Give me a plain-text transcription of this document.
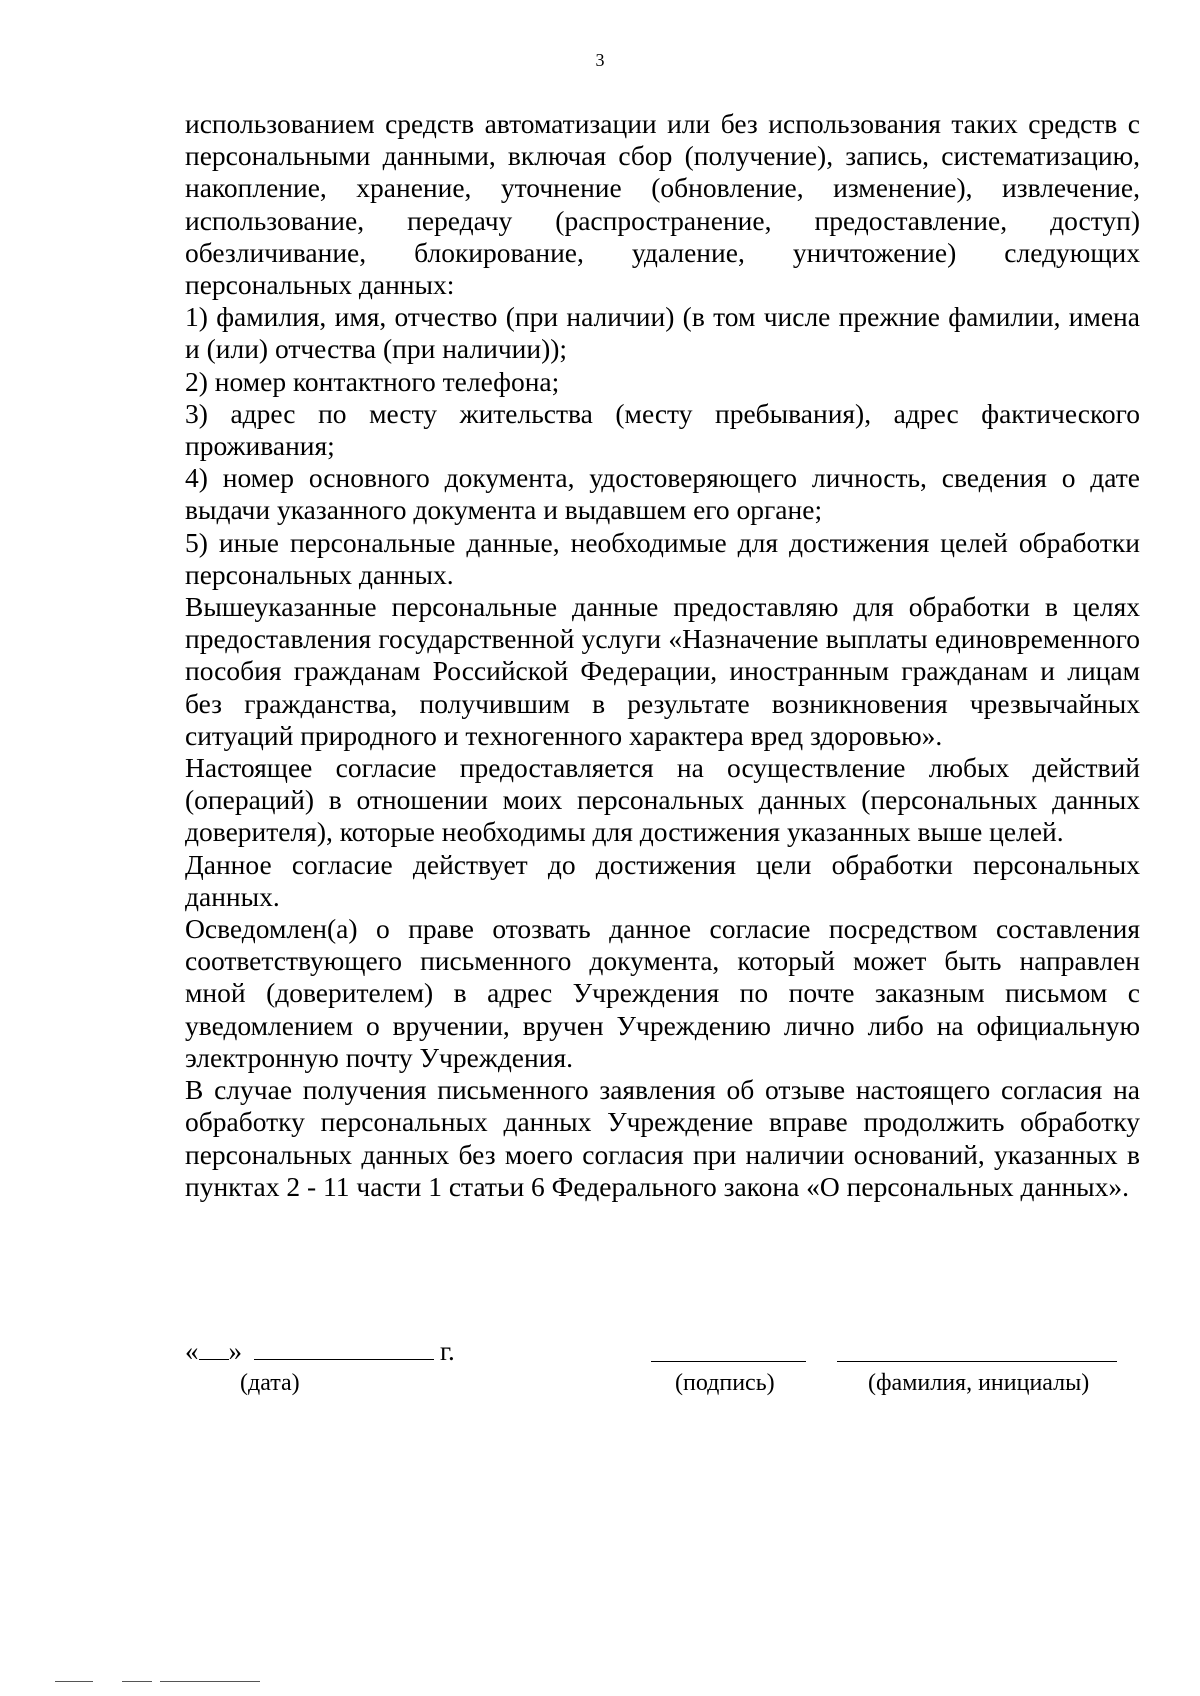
3

использованием средств автоматизации или без использования таких средств с персональными данными, включая сбор (получение), запись, систематизацию, накопление, хранение, уточнение (обновление, изменение), извлечение, использование, передачу (распространение, предоставление, доступ) обезличивание, блокирование, удаление, уничтожение) следующих персональных данных:

1) фамилия, имя, отчество (при наличии) (в том числе прежние фамилии, имена и (или) отчества (при наличии));

2) номер контактного телефона;

3) адрес по месту жительства (месту пребывания), адрес фактического проживания;

4) номер основного документа, удостоверяющего личность, сведения о дате выдачи указанного документа и выдавшем его органе;

5) иные персональные данные, необходимые для достижения целей обработки персональных данных.

Вышеуказанные персональные данные предоставляю для обработки в целях предоставления государственной услуги «Назначение выплаты единовременного пособия гражданам Российской Федерации, иностранным гражданам и лицам без гражданства, получившим в результате возникновения чрезвычайных ситуаций природного и техногенного характера вред здоровью».

Настоящее согласие предоставляется на осуществление любых действий (операций) в отношении моих персональных данных (персональных данных доверителя), которые необходимы для достижения указанных выше целей.

Данное согласие действует до достижения цели обработки персональных данных.

Осведомлен(а) о праве отозвать данное согласие посредством составления соответствующего письменного документа, который может быть направлен мной (доверителем) в адрес Учреждения по почте заказным письмом с уведомлением о вручении, вручен Учреждению лично либо на официальную электронную почту Учреждения.

В случае получения письменного заявления об отзыве настоящего согласия на обработку персональных данных Учреждение вправе продолжить обработку персональных данных без моего согласия при наличии оснований, указанных в пунктах 2 - 11 части 1 статьи 6 Федерального закона «О персональных данных».

« »	г.
(дата)	(подпись)	(фамилия, инициалы)
